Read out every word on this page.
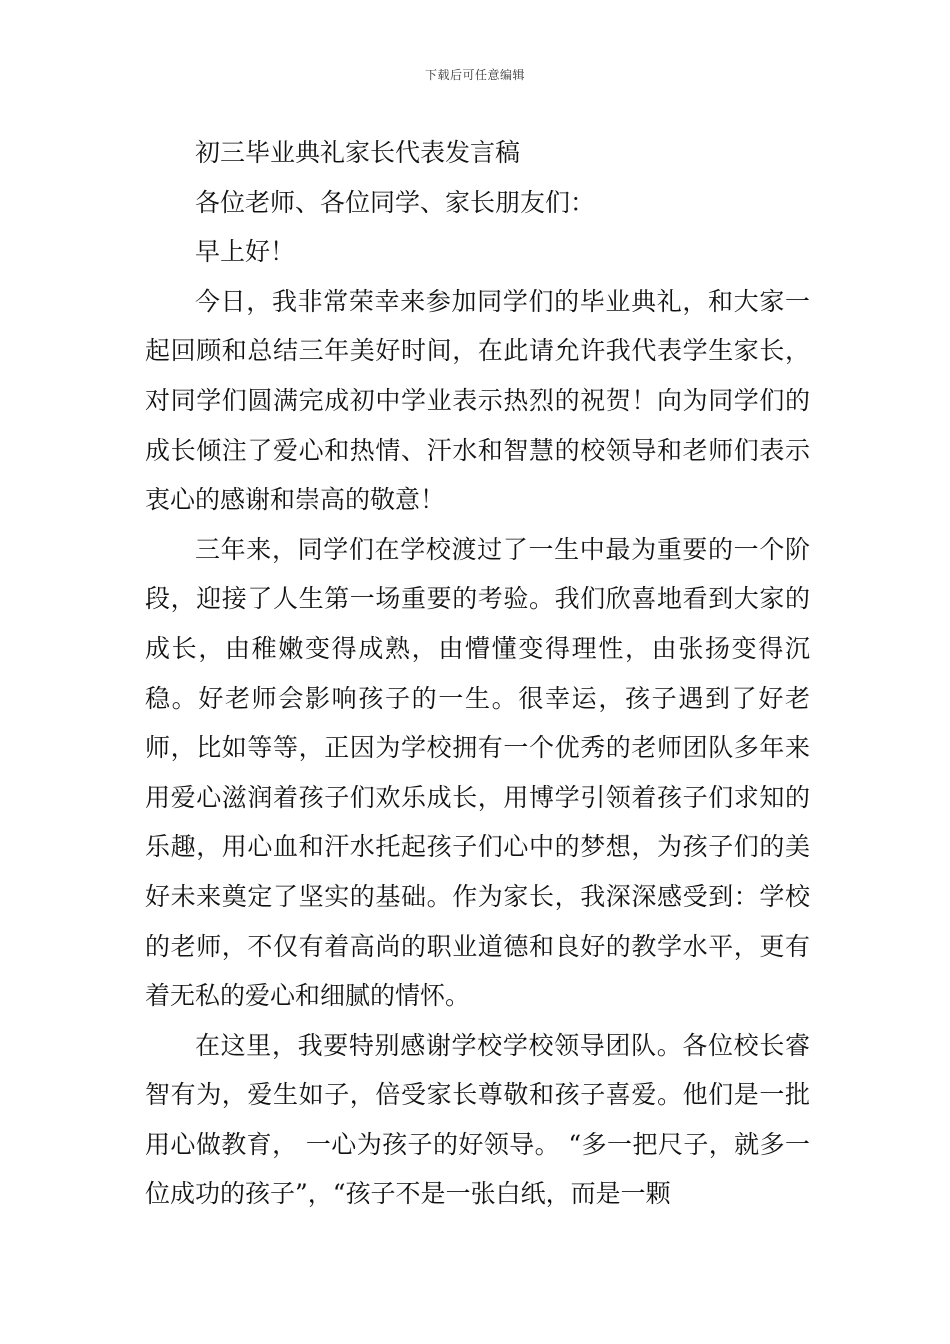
下载后可任意编辑

初三毕业典礼家长代表发言稿

各位老师、各位同学、家长朋友们：

早上好！

今日，我非常荣幸来参加同学们的毕业典礼，和大家一起回顾和总结三年美好时间，在此请允许我代表学生家长，对同学们圆满完成初中学业表示热烈的祝贺！向为同学们的成长倾注了爱心和热情、汗水和智慧的校领导和老师们表示衷心的感谢和崇高的敬意！

三年来，同学们在学校渡过了一生中最为重要的一个阶段，迎接了人生第一场重要的考验。我们欣喜地看到大家的成长，由稚嫩变得成熟，由懵懂变得理性，由张扬变得沉稳。好老师会影响孩子的一生。很幸运，孩子遇到了好老师，比如等等，正因为学校拥有一个优秀的老师团队多年来用爱心滋润着孩子们欢乐成长，用博学引领着孩子们求知的乐趣，用心血和汗水托起孩子们心中的梦想，为孩子们的美好未来奠定了坚实的基础。作为家长，我深深感受到：学校的老师，不仅有着高尚的职业道德和良好的教学水平，更有着无私的爱心和细腻的情怀。

在这里，我要特别感谢学校学校领导团队。各位校长睿智有为，爱生如子，倍受家长尊敬和孩子喜爱。他们是一批用心做教育， 一心为孩子的好领导。 “多一把尺子，就多一位成功的孩子”，“孩子不是一张白纸，而是一颗
